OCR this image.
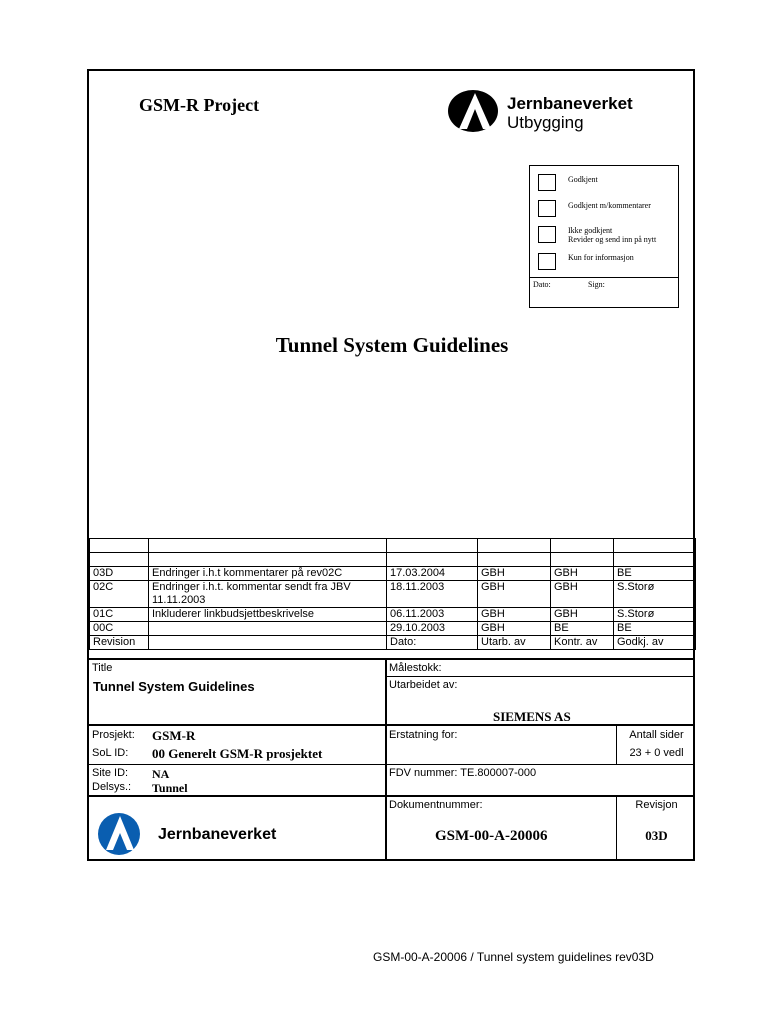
GSM-R Project	Jernbaneverket
Utbygging
Godkjent
Godkjent m/kommentarer
Ikke godkjent
Revider og send inn på nytt
Kun for informasjon
Dato:	Sign:
Tunnel System Guidelines

03D	Endringer i.h.t kommentarer på rev02C	17.03.2004	GBH	GBH	BE
02C	Endringer i.h.t. kommentar sendt fra JBV 11.11.2003	18.11.2003	GBH	GBH	S.Storø
01C	Inkluderer linkbudsjettbeskrivelse	06.11.2003	GBH	GBH	S.Storø
00C		29.10.2003	GBH	BE	BE
Revision		Dato:	Utarb. av	Kontr. av	Godkj. av
Title
Tunnel System Guidelines
Målestokk:
Utarbeidet av:
SIEMENS AS
Prosjekt: GSM-R
SoL ID: 00 Generelt GSM-R prosjektet
Site ID: NA
Delsys.: Tunnel
Erstatning for:	Antall sider
23 + 0 vedl
FDV nummer: TE.800007-000
Jernbaneverket
Dokumentnummer:
GSM-00-A-20006
Revisjon
03D
GSM-00-A-20006 / Tunnel system guidelines rev03D
